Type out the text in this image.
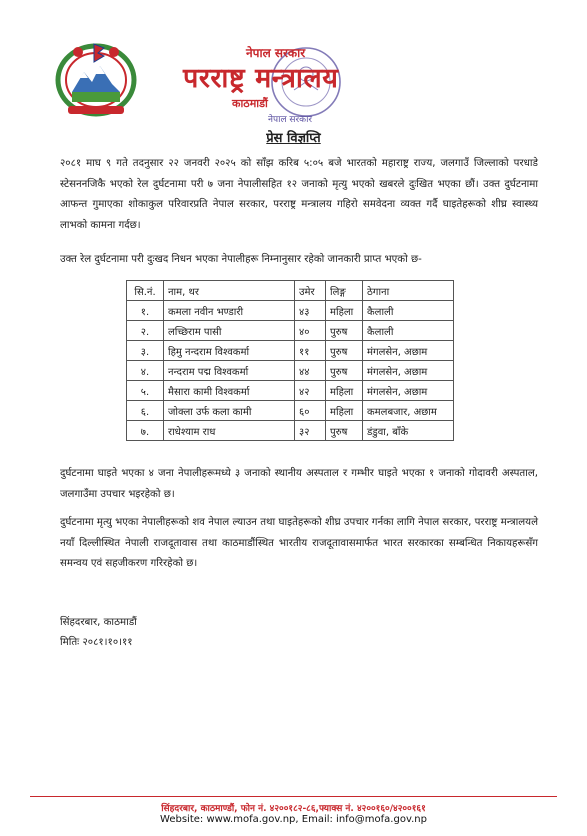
नेपाल सरकार
परराष्ट्र मन्त्रालय
काठमाडौं
नेपाल सरकार
प्रेस विज्ञप्ति
२०८१ माघ ९ गते तदनुसार २२ जनवरी २०२५ को साँझ करिब ५:०५ बजे भारतको महाराष्ट्र राज्य, जलगाउँ जिल्लाको परधाडे स्टेसननजिकै भएको रेल दुर्घटनामा परी ७ जना नेपालीसहित १२ जनाको मृत्यु भएको खबरले दुःखित भएका छौं। उक्त दुर्घटनामा आफन्त गुमाएका शोकाकुल परिवारप्रति नेपाल सरकार, परराष्ट्र मन्त्रालय गहिरो समवेदना व्यक्त गर्दै घाइतेहरूको शीघ्र स्वास्थ्य लाभको कामना गर्दछ।
उक्त रेल दुर्घटनामा परी दुःखद निधन भएका नेपालीहरू निम्नानुसार रहेको जानकारी प्राप्त भएको छ-
सि.नं.	नाम, थर	उमेर	लिङ्ग	ठेगाना
१.	कमला नवीन भण्डारी	४३	महिला	कैलाली
२.	लच्छिराम पासी	४०	पुरुष	कैलाली
३.	हिमु नन्दराम विश्वकर्मा	११	पुरुष	मंगलसेन, अछाम
४.	नन्दराम पद्म विश्वकर्मा	४४	पुरुष	मंगलसेन, अछाम
५.	मैसारा कामी विश्वकर्मा	४२	महिला	मंगलसेन, अछाम
६.	जोक्ला उर्फ कला कामी	६०	महिला	कमलबजार, अछाम
७.	राधेश्याम राध	३२	पुरुष	डंडुवा, बाँके
दुर्घटनामा घाइते भएका ४ जना नेपालीहरूमध्ये ३ जनाको स्थानीय अस्पताल र गम्भीर घाइते भएका १ जनाको गोदावरी अस्पताल, जलगाउँमा उपचार भइरहेको छ।
दुर्घटनामा मृत्यु भएका नेपालीहरूको शव नेपाल ल्याउन तथा घाइतेहरूको शीघ्र उपचार गर्नका लागि नेपाल सरकार, परराष्ट्र मन्त्रालयले नयाँ दिल्लीस्थित नेपाली राजदूतावास तथा काठमाडौंस्थित भारतीय राजदूतावासमार्फत भारत सरकारका सम्बन्धित निकायहरूसँग समन्वय एवं सहजीकरण गरिरहेको छ।
सिंहदरबार, काठमाडौं
मितिः २०८१।१०।११
सिंहदरबार, काठमाण्डौं, फोन नं. ४२००१८२-८६,फ्याक्स नं. ४२००१६०/४२००१६१
Website: www.mofa.gov.np, Email: info@mofa.gov.np
